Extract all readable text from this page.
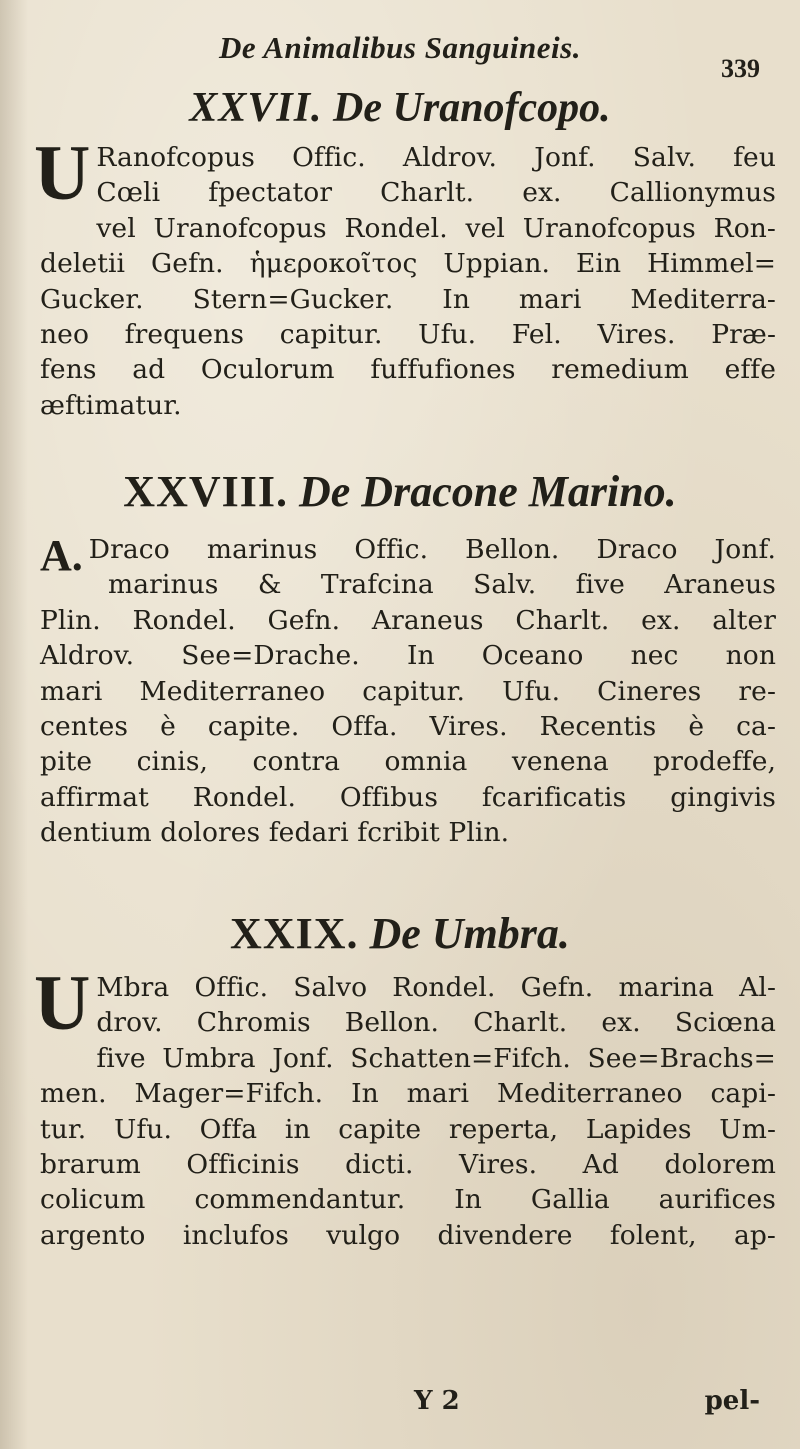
De Animalibus Sanguineis.
339
XXVII. De Uranofcopo.
U Ranofcopus Offic. Aldrov. Jonf. Salv. feu
Cœli fpectator Charlt. ex. Callionymus
vel Uranofcopus Rondel. vel Uranofcopus Ron-
deletii Gefn. ἡμεροκοῖτος Uppian. Ein Himmel=
Gucker. Stern=Gucker. In mari Mediterra-
neo frequens capitur. Ufu. Fel. Vires. Præ-
fens ad Oculorum fuffufiones remedium effe
æftimatur.
XXVIII. De Dracone Marino.
A. Draco marinus Offic. Bellon. Draco Jonf.
marinus & Trafcina Salv. five Araneus
Plin. Rondel. Gefn. Araneus Charlt. ex. alter
Aldrov. See=Drache. In Oceano nec non
mari Mediterraneo capitur. Ufu. Cineres re-
centes è capite. Offa. Vires. Recentis è ca-
pite cinis, contra omnia venena prodeffe,
affirmat Rondel. Offibus fcarificatis gingivis
dentium dolores fedari fcribit Plin.
XXIX. De Umbra.
U Mbra Offic. Salvo Rondel. Gefn. marina Al-
drov. Chromis Bellon. Charlt. ex. Sciœna
five Umbra Jonf. Schatten=Fifch. See=Brachs=
men. Mager=Fifch. In mari Mediterraneo capi-
tur. Ufu. Offa in capite reperta, Lapides Um-
brarum Officinis dicti. Vires. Ad dolorem
colicum commendantur. In Gallia aurifices
argento inclufos vulgo divendere folent, ap-
Y 2	pel-
